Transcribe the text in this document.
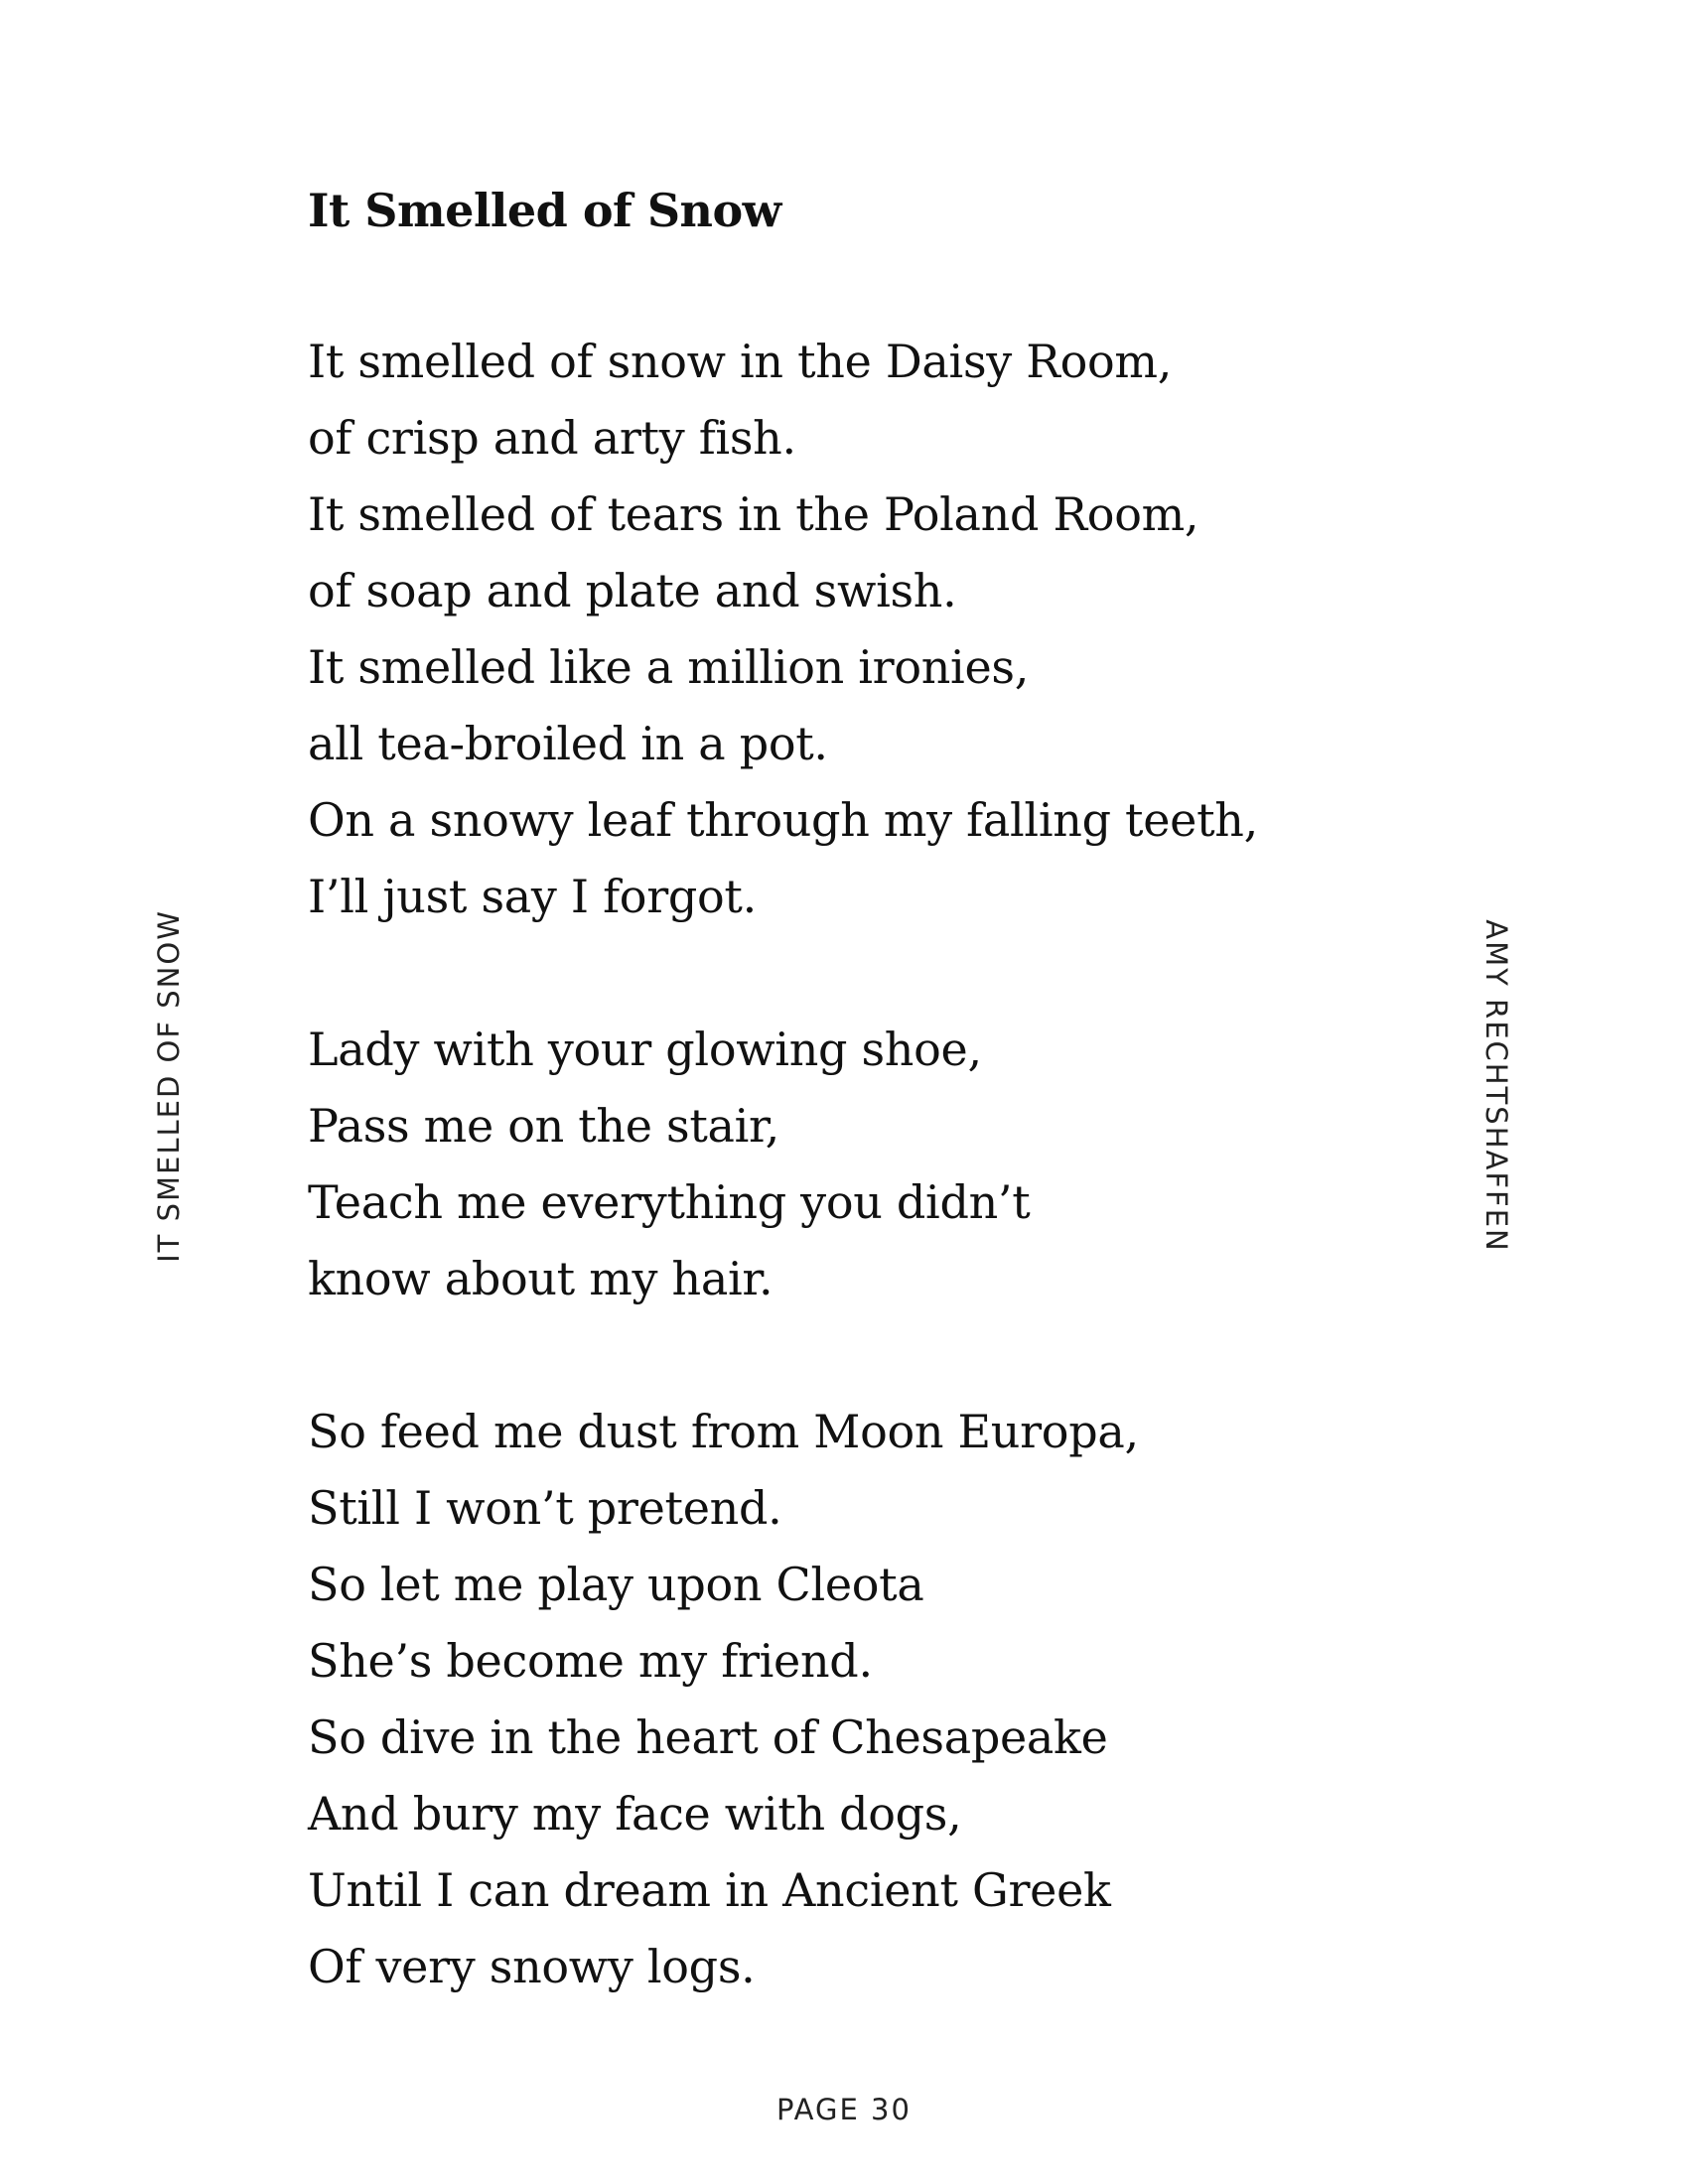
IT SMELLED OF SNOW
It Smelled of Snow
It smelled of snow in the Daisy Room,
of crisp and arty fish.
It smelled of tears in the Poland Room,
of soap and plate and swish.
It smelled like a million ironies,
all tea-broiled in a pot.
On a snowy leaf through my falling teeth,
I’ll just say I forgot.
Lady with your glowing shoe,
Pass me on the stair,
Teach me everything you didn’t
know about my hair.
So feed me dust from Moon Europa,
Still I won’t pretend.
So let me play upon Cleota
She’s become my friend.
So dive in the heart of Chesapeake
And bury my face with dogs,
Until I can dream in Ancient Greek
Of very snowy logs.
AMY RECHTSHAFFEN
PAGE 30
